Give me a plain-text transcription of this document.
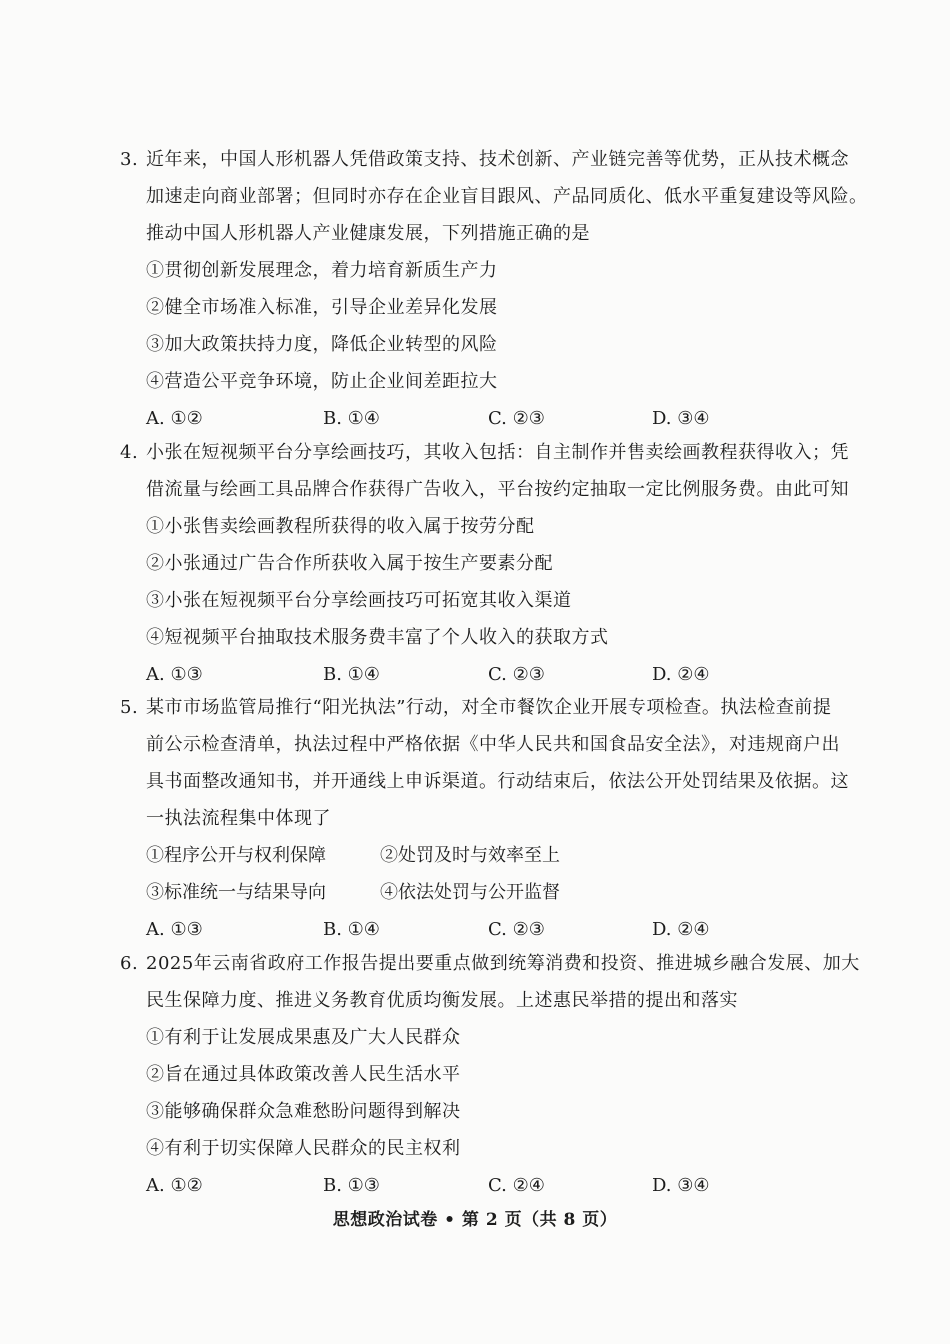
3. 近年来，中国人形机器人凭借政策支持、技术创新、产业链完善等优势，正从技术概念
加速走向商业部署；但同时亦存在企业盲目跟风、产品同质化、低水平重复建设等风险。
推动中国人形机器人产业健康发展，下列措施正确的是
①贯彻创新发展理念，着力培育新质生产力
②健全市场准入标准，引导企业差异化发展
③加大政策扶持力度，降低企业转型的风险
④营造公平竞争环境，防止企业间差距拉大
A. ①②	B. ①④	C. ②③	D. ③④
4. 小张在短视频平台分享绘画技巧，其收入包括：自主制作并售卖绘画教程获得收入；凭
借流量与绘画工具品牌合作获得广告收入，平台按约定抽取一定比例服务费。由此可知
①小张售卖绘画教程所获得的收入属于按劳分配
②小张通过广告合作所获收入属于按生产要素分配
③小张在短视频平台分享绘画技巧可拓宽其收入渠道
④短视频平台抽取技术服务费丰富了个人收入的获取方式
A. ①③	B. ①④	C. ②③	D. ②④
5. 某市市场监管局推行“阳光执法”行动，对全市餐饮企业开展专项检查。执法检查前提
前公示检查清单，执法过程中严格依据《中华人民共和国食品安全法》，对违规商户出
具书面整改通知书，并开通线上申诉渠道。行动结束后，依法公开处罚结果及依据。这
一执法流程集中体现了
①程序公开与权利保障	②处罚及时与效率至上
③标准统一与结果导向	④依法处罚与公开监督
A. ①③	B. ①④	C. ②③	D. ②④
6. 2025年云南省政府工作报告提出要重点做到统筹消费和投资、推进城乡融合发展、加大
民生保障力度、推进义务教育优质均衡发展。上述惠民举措的提出和落实
①有利于让发展成果惠及广大人民群众
②旨在通过具体政策改善人民生活水平
③能够确保群众急难愁盼问题得到解决
④有利于切实保障人民群众的民主权利
A. ①②	B. ①③	C. ②④	D. ③④
思想政治试卷 • 第 2 页（共 8 页）
